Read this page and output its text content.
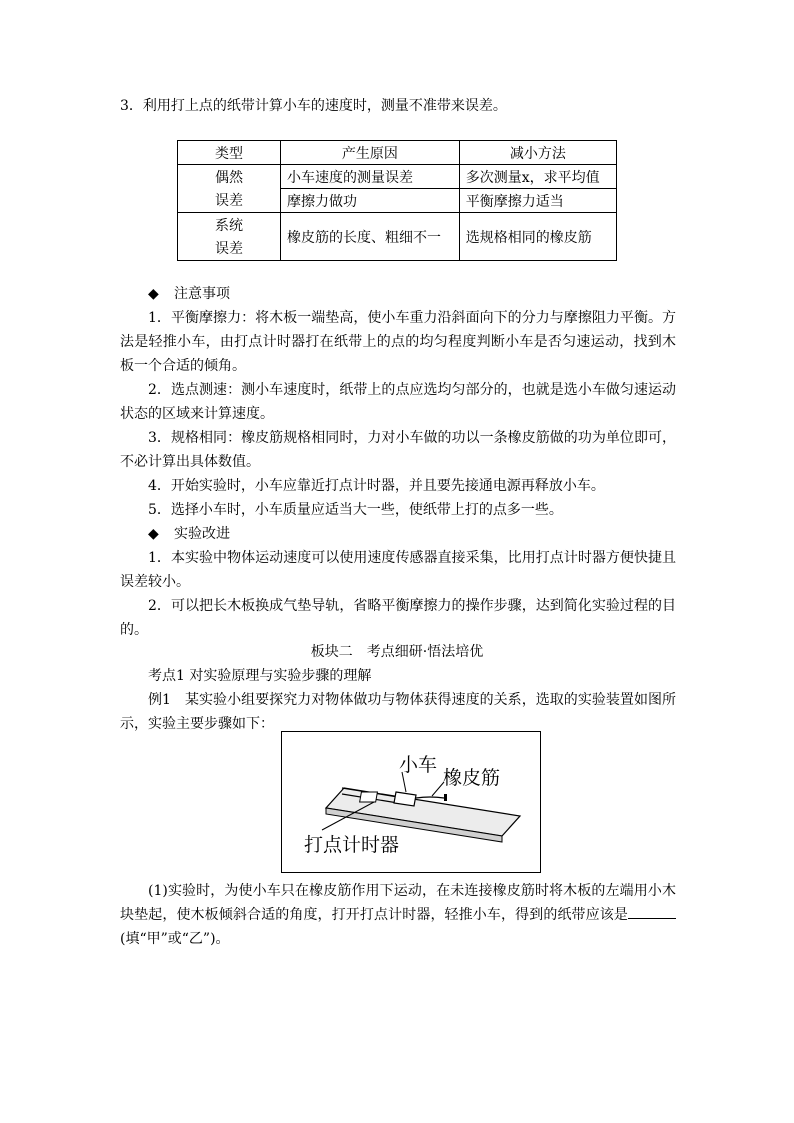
3．利用打上点的纸带计算小车的速度时，测量不准带来误差。
类型	产生原因	减小方法

偶然
误差	小车速度的测量误差	多次测量x，求平均值
	摩擦力做功	平衡摩擦力适当

系统
误差	橡皮筋的长度、粗细不一	选规格相同的橡皮筋
◆ 注意事项
1．平衡摩擦力：将木板一端垫高，使小车重力沿斜面向下的分力与摩擦阻力平衡。方法是轻推小车，由打点计时器打在纸带上的点的均匀程度判断小车是否匀速运动，找到木板一个合适的倾角。
2．选点测速：测小车速度时，纸带上的点应选均匀部分的，也就是选小车做匀速运动状态的区域来计算速度。
3．规格相同：橡皮筋规格相同时，力对小车做的功以一条橡皮筋做的功为单位即可，不必计算出具体数值。
4．开始实验时，小车应靠近打点计时器，并且要先接通电源再释放小车。
5．选择小车时，小车质量应适当大一些，使纸带上打的点多一些。
◆ 实验改进
1．本实验中物体运动速度可以使用速度传感器直接采集，比用打点计时器方便快捷且误差较小。
2．可以把长木板换成气垫导轨，省略平衡摩擦力的操作步骤，达到简化实验过程的目的。
板块二　考点细研·悟法培优
考点1 对实验原理与实验步骤的理解
例1　某实验小组要探究力对物体做功与物体获得速度的关系，选取的实验装置如图所示，实验主要步骤如下：
小车
橡皮筋
打点计时器
(1)实验时，为使小车只在橡皮筋作用下运动，在未连接橡皮筋时将木板的左端用小木块垫起，使木板倾斜合适的角度，打开打点计时器，轻推小车，得到的纸带应该是(填“甲”或“乙”)。
